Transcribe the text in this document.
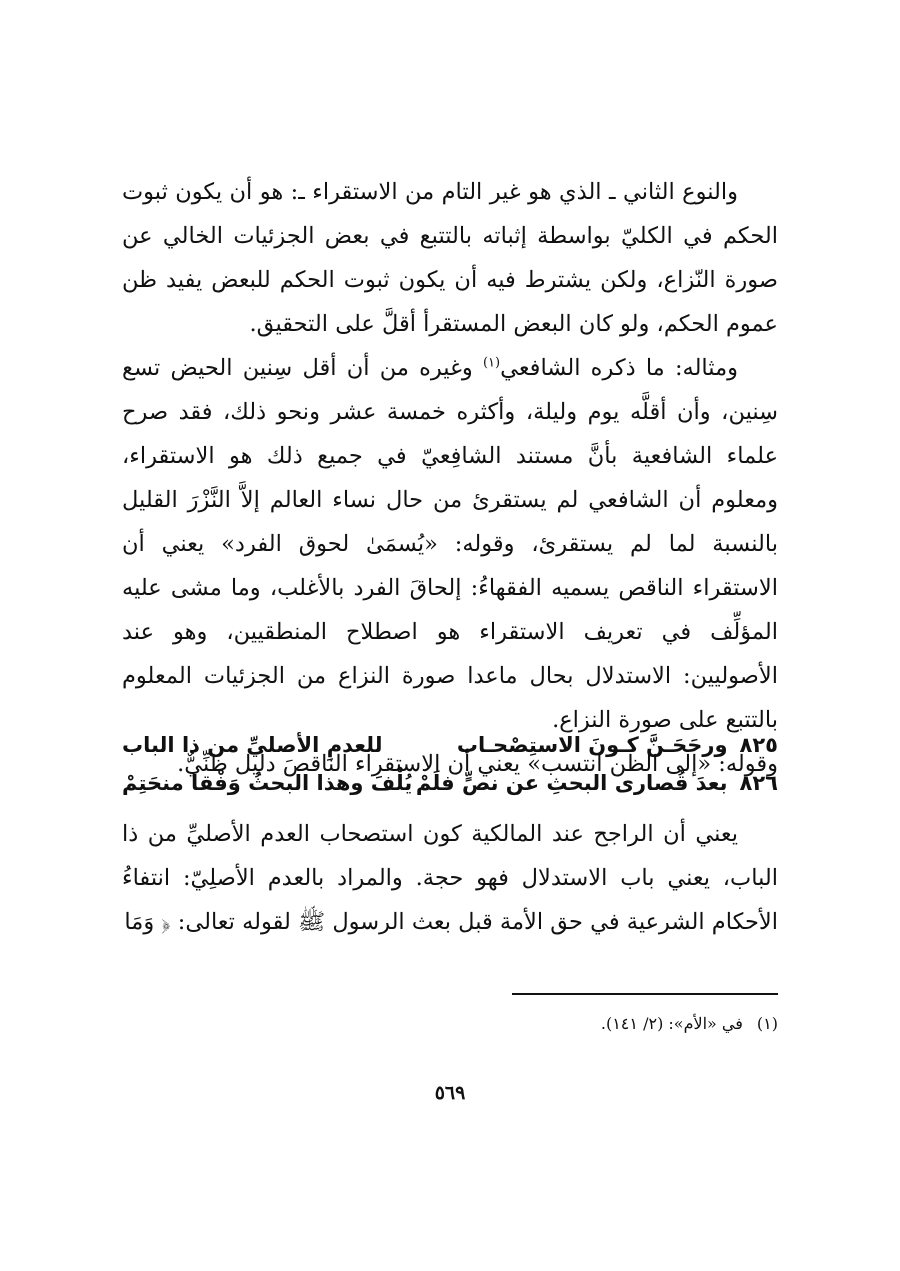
والنوع الثاني ـ الذي هو غير التام من الاستقراء ـ: هو أن يكون ثبوت الحكم في الكليّ بواسطة إثباته بالتتبع في بعض الجزئيات الخالي عن صورة النّزاع، ولكن يشترط فيه أن يكون ثبوت الحكم للبعض يفيد ظن عموم الحكم، ولو كان البعض المستقرأ أقلَّ على التحقيق.

ومثاله: ما ذكره الشافعي$^{(١)}$ وغيره من أن أقل سِنين الحيض تسع سِنين، وأن أقلَّه يوم وليلة، وأكثره خمسة عشر ونحو ذلك، فقد صرح علماء الشافعية بأنَّ مستند الشافِعيّ في جميع ذلك هو الاستقراء، ومعلوم أن الشافعي لم يستقرئ من حال نساء العالم إلاَّ النَّزْرَ القليل بالنسبة لما لم يستقرئ، وقوله: «يُسمَىٰ لحوق الفرد» يعني أن الاستقراء الناقص يسميه الفقهاءُ: إلحاقَ الفرد بالأغلب، وما مشى عليه المؤلِّف في تعريف الاستقراء هو اصطلاح المنطقيين، وهو عند الأصوليين: الاستدلال بحال ماعدا صورة النزاع من الجزئيات المعلوم بالتتبع على صورة النزاع.

وقوله: «إلى الظن انتسب» يعني أن الاستقراء الناقصَ دليل ظنِّيٌّ.

٨٢٥
ورجَحَـنَّ كـونَ الاستِصْحـاب
للعدمِ الأصليِّ من ذا الباب
٨٢٦
بعدَ قُصارى البحثِ عن نصٍّ فلَمْ
يُلْفَ وهذا البحثُ وَفْقا منحَتِمْ

يعني أن الراجح عند المالكية كون استصحاب العدم الأصليِّ من ذا الباب، يعني باب الاستدلال فهو حجة. والمراد بالعدم الأصلِيّ: انتفاءُ الأحكام الشرعية في حق الأمة قبل بعث الرسول ﷺ لقوله تعالى: ﴿ وَمَا

(١)في «الأم»: (٢/ ١٤١).
٥٦٩
